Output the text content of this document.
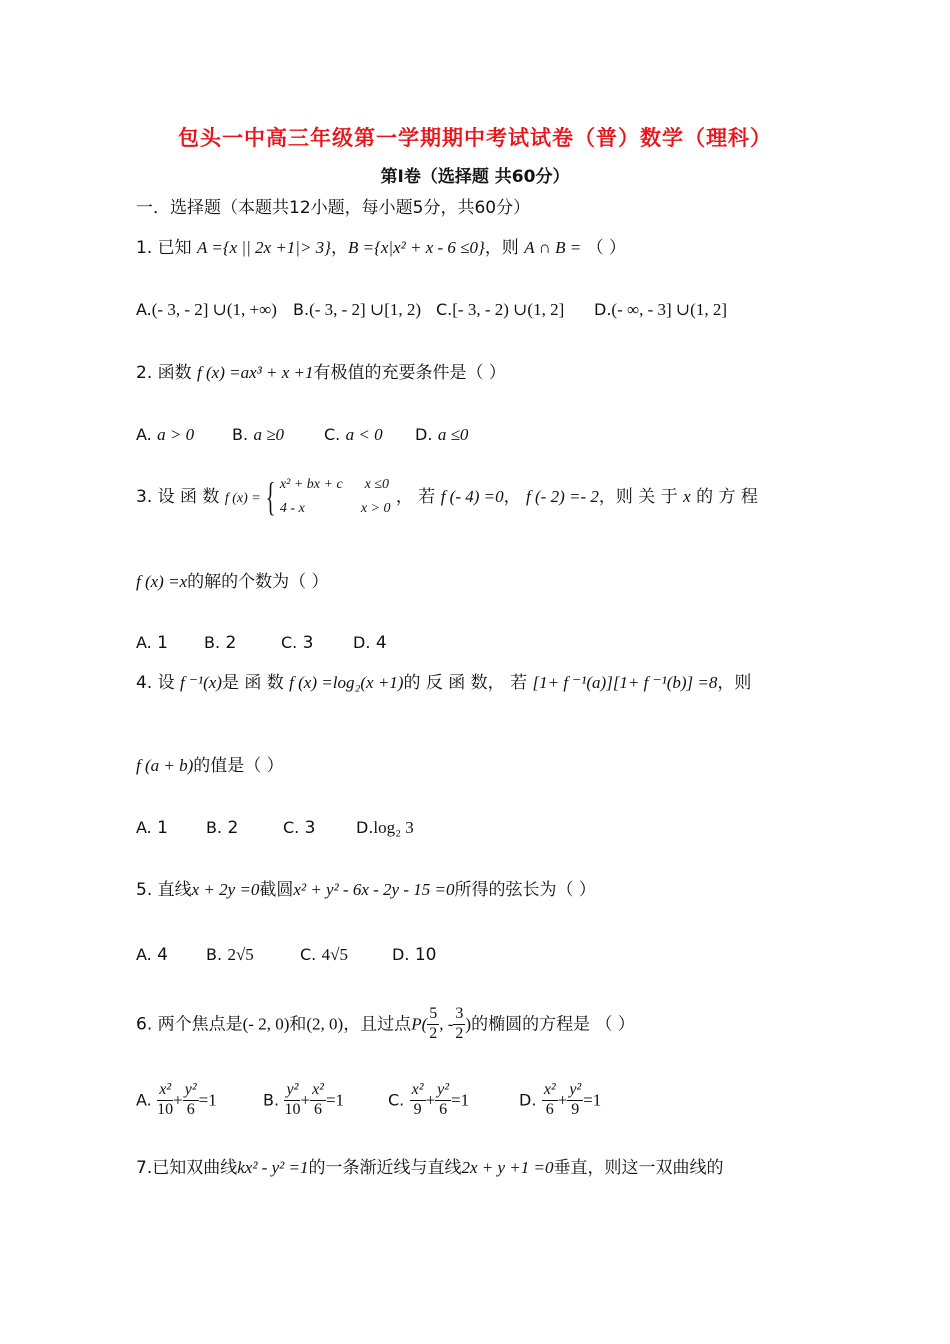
包头一中高三年级第一学期期中考试试卷（普）数学（理科）
第Ⅰ卷（选择题 共60分）
一．选择题（本题共12小题，每小题5分，共60分）
1. 已知 A ={x || 2x +1|> 3}，B ={x|x² + x - 6 ≤0}，则 A ∩ B = （ ）
A.(- 3, - 2] ∪(1, +∞) B.(- 3, - 2] ∪[1, 2) C.[- 3, - 2) ∪(1, 2] D.(- ∞, - 3] ∪(1, 2]
2. 函数 f (x) =ax³ + x +1有极值的充要条件是（ ）
A. a > 0 B. a ≥0 C. a < 0 D. a ≤0
3. 设 函 数 f (x) = { x² + bx + c x ≤0
4 - x	x > 0 ， 若 f (- 4) =0， f (- 2) =- 2，则 关 于 x 的 方 程
f (x) =x的解的个数为（ ）
A. 1 B. 2	C. 3 D. 4
4. 设 f ⁻¹(x)是 函 数 f (x) =log₂(x +1)的 反 函 数， 若 [1+ f ⁻¹(a)][1+ f ⁻¹(b)] =8，则
f (a + b)的值是（ ）
A. 1 B. 2	C. 3	D.log₂ 3
5. 直线x + 2y =0截圆x² + y² - 6x - 2y - 15 =0所得的弦长为（ ）
A. 4 B. 2√5	C. 4√5	D. 10
6. 两个焦点是(- 2, 0)和(2, 0)，且过点$P( \frac{5}{2}$ , - $\frac{3}{2}$ )的椭圆的方程是 （ ）
A. $\frac{\text{x²}}{10} + \frac{\text{y²}}{6} =1$	B. $\frac{\text{y²}}{10} + \frac{\text{x²}}{6} =1$	C. $\frac{\text{x²}}{9} + \frac{\text{y²}}{6} =1$	D. $\frac{\text{x²}}{6} + \frac{\text{y²}}{9} =1$
7.已知双曲线kx² - y² =1的一条渐近线与直线2x + y +1 =0垂直，则这一双曲线的
